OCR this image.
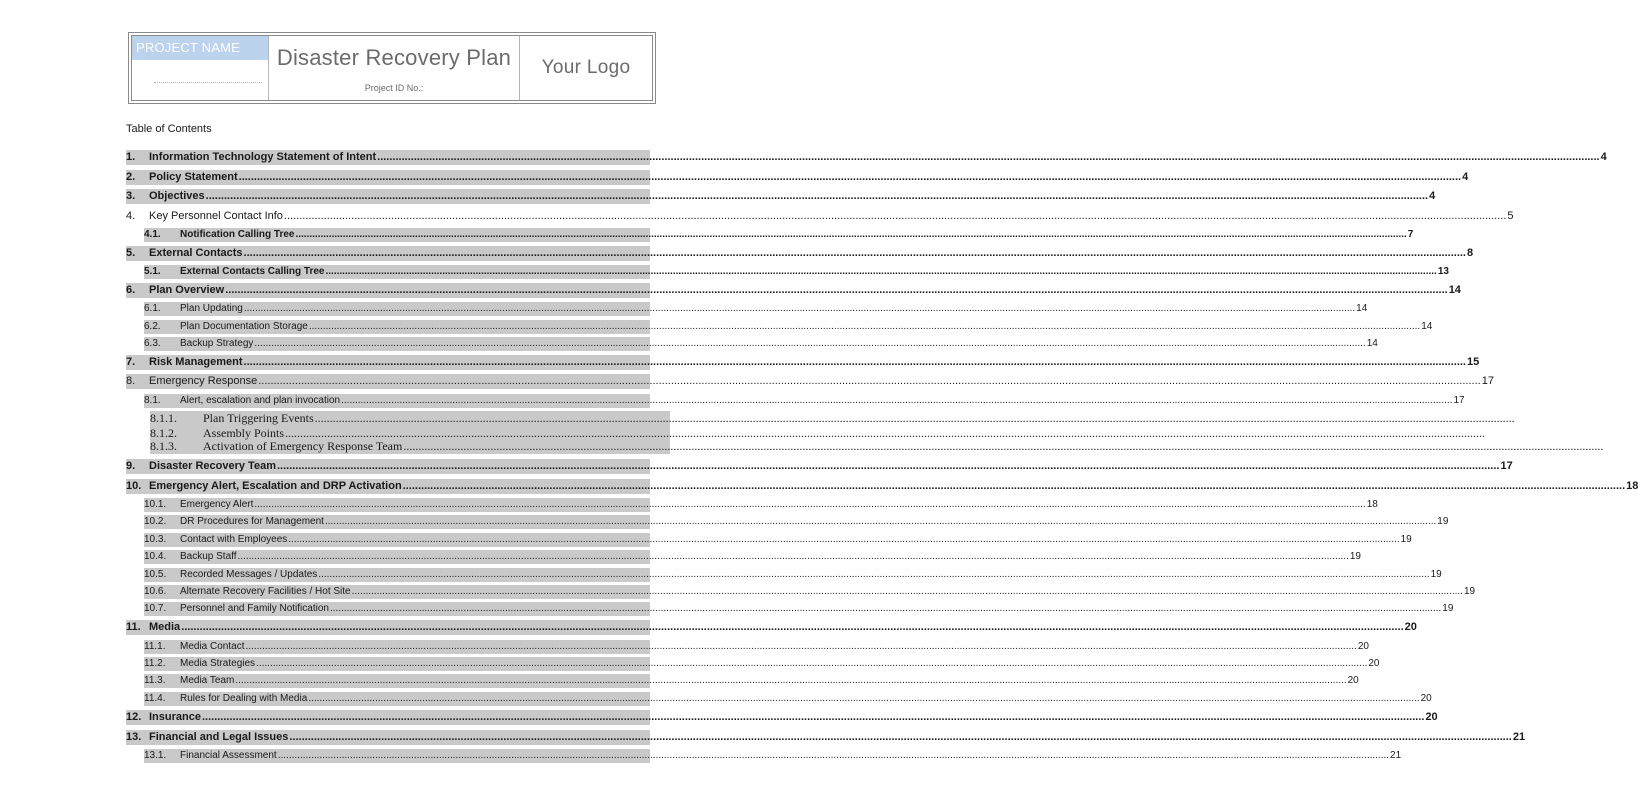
PROJECT NAME	Disaster Recovery Plan
Project ID No.:
Your Logo
Table of Contents
1.	Information Technology Statement of Intent ................................................................................................................................................................................................................................................................................................................................................................................................................ 4
2.	Policy Statement ................................................................................................................................................................................................................................................................................................................................................................................................................ 4
3.	Objectives ................................................................................................................................................................................................................................................................................................................................................................................................................ 4
4.	Key Personnel Contact Info ................................................................................................................................................................................................................................................................................................................................................................................................................ 5
4.1.	Notification Calling Tree ................................................................................................................................................................................................................................................................................................................................................................................................................ 7
5.	External Contacts ................................................................................................................................................................................................................................................................................................................................................................................................................ 8
5.1.	External Contacts Calling Tree ................................................................................................................................................................................................................................................................................................................................................................................................................ 13
6.	Plan Overview ................................................................................................................................................................................................................................................................................................................................................................................................................ 14
6.1.	Plan Updating ................................................................................................................................................................................................................................................................................................................................................................................................................ 14
6.2.	Plan Documentation Storage ................................................................................................................................................................................................................................................................................................................................................................................................................ 14
6.3.	Backup Strategy ................................................................................................................................................................................................................................................................................................................................................................................................................ 14
7.	Risk Management ................................................................................................................................................................................................................................................................................................................................................................................................................ 15
8.	Emergency Response ................................................................................................................................................................................................................................................................................................................................................................................................................ 17
8.1.	Alert, escalation and plan invocation ................................................................................................................................................................................................................................................................................................................................................................................................................ 17
8.1.1.	Plan Triggering Events ................................................................................................................................................................................................................................................................................................................................................................................................................
8.1.2.	Assembly Points ................................................................................................................................................................................................................................................................................................................................................................................................................
8.1.3.	Activation of Emergency Response Team ................................................................................................................................................................................................................................................................................................................................................................................................................
9.	Disaster Recovery Team ................................................................................................................................................................................................................................................................................................................................................................................................................ 17
10. Emergency Alert, Escalation and DRP Activation ................................................................................................................................................................................................................................................................................................................................................................................................................ 18
10.1.	Emergency Alert ................................................................................................................................................................................................................................................................................................................................................................................................................ 18
10.2.	DR Procedures for Management ................................................................................................................................................................................................................................................................................................................................................................................................................ 19
10.3.	Contact with Employees ................................................................................................................................................................................................................................................................................................................................................................................................................ 19
10.4.	Backup Staff ................................................................................................................................................................................................................................................................................................................................................................................................................ 19
10.5.	Recorded Messages / Updates ................................................................................................................................................................................................................................................................................................................................................................................................................ 19
10.6.	Alternate Recovery Facilities / Hot Site ................................................................................................................................................................................................................................................................................................................................................................................................................ 19
10.7.	Personnel and Family Notification ................................................................................................................................................................................................................................................................................................................................................................................................................ 19
11. Media ................................................................................................................................................................................................................................................................................................................................................................................................................ 20
11.1.	Media Contact ................................................................................................................................................................................................................................................................................................................................................................................................................ 20
11.2.	Media Strategies ................................................................................................................................................................................................................................................................................................................................................................................................................ 20
11.3.	Media Team ................................................................................................................................................................................................................................................................................................................................................................................................................ 20
11.4.	Rules for Dealing with Media ................................................................................................................................................................................................................................................................................................................................................................................................................ 20
12. Insurance ................................................................................................................................................................................................................................................................................................................................................................................................................ 20
13. Financial and Legal Issues ................................................................................................................................................................................................................................................................................................................................................................................................................ 21
13.1.	Financial Assessment ................................................................................................................................................................................................................................................................................................................................................................................................................ 21
